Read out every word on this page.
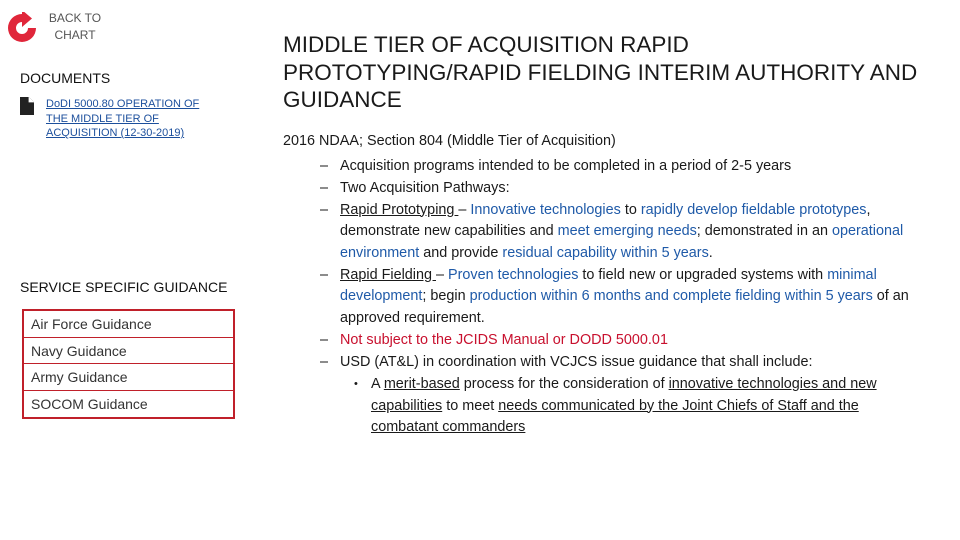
BACK TO CHART
DOCUMENTS
DoDI 5000.80 OPERATION OF THE MIDDLE TIER OF ACQUISITION (12-30-2019)
SERVICE SPECIFIC GUIDANCE
Air Force Guidance
Navy Guidance
Army Guidance
SOCOM Guidance
MIDDLE TIER OF ACQUISITION RAPID PROTOTYPING/RAPID FIELDING INTERIM AUTHORITY AND GUIDANCE
2016 NDAA; Section 804 (Middle Tier of Acquisition)
– Acquisition programs intended to be completed in a period of 2-5 years
– Two Acquisition Pathways:
– Rapid Prototyping – Innovative technologies to rapidly develop fieldable prototypes, demonstrate new capabilities and meet emerging needs; demonstrated in an operational environment and provide residual capability within 5 years.
– Rapid Fielding – Proven technologies to field new or upgraded systems with minimal development; begin production within 6 months and complete fielding within 5 years of an approved requirement.
– Not subject to the JCIDS Manual or DODD 5000.01
– USD (AT&L) in coordination with VCJCS issue guidance that shall include:
• A merit-based process for the consideration of innovative technologies and new capabilities to meet needs communicated by the Joint Chiefs of Staff and the combatant commanders
